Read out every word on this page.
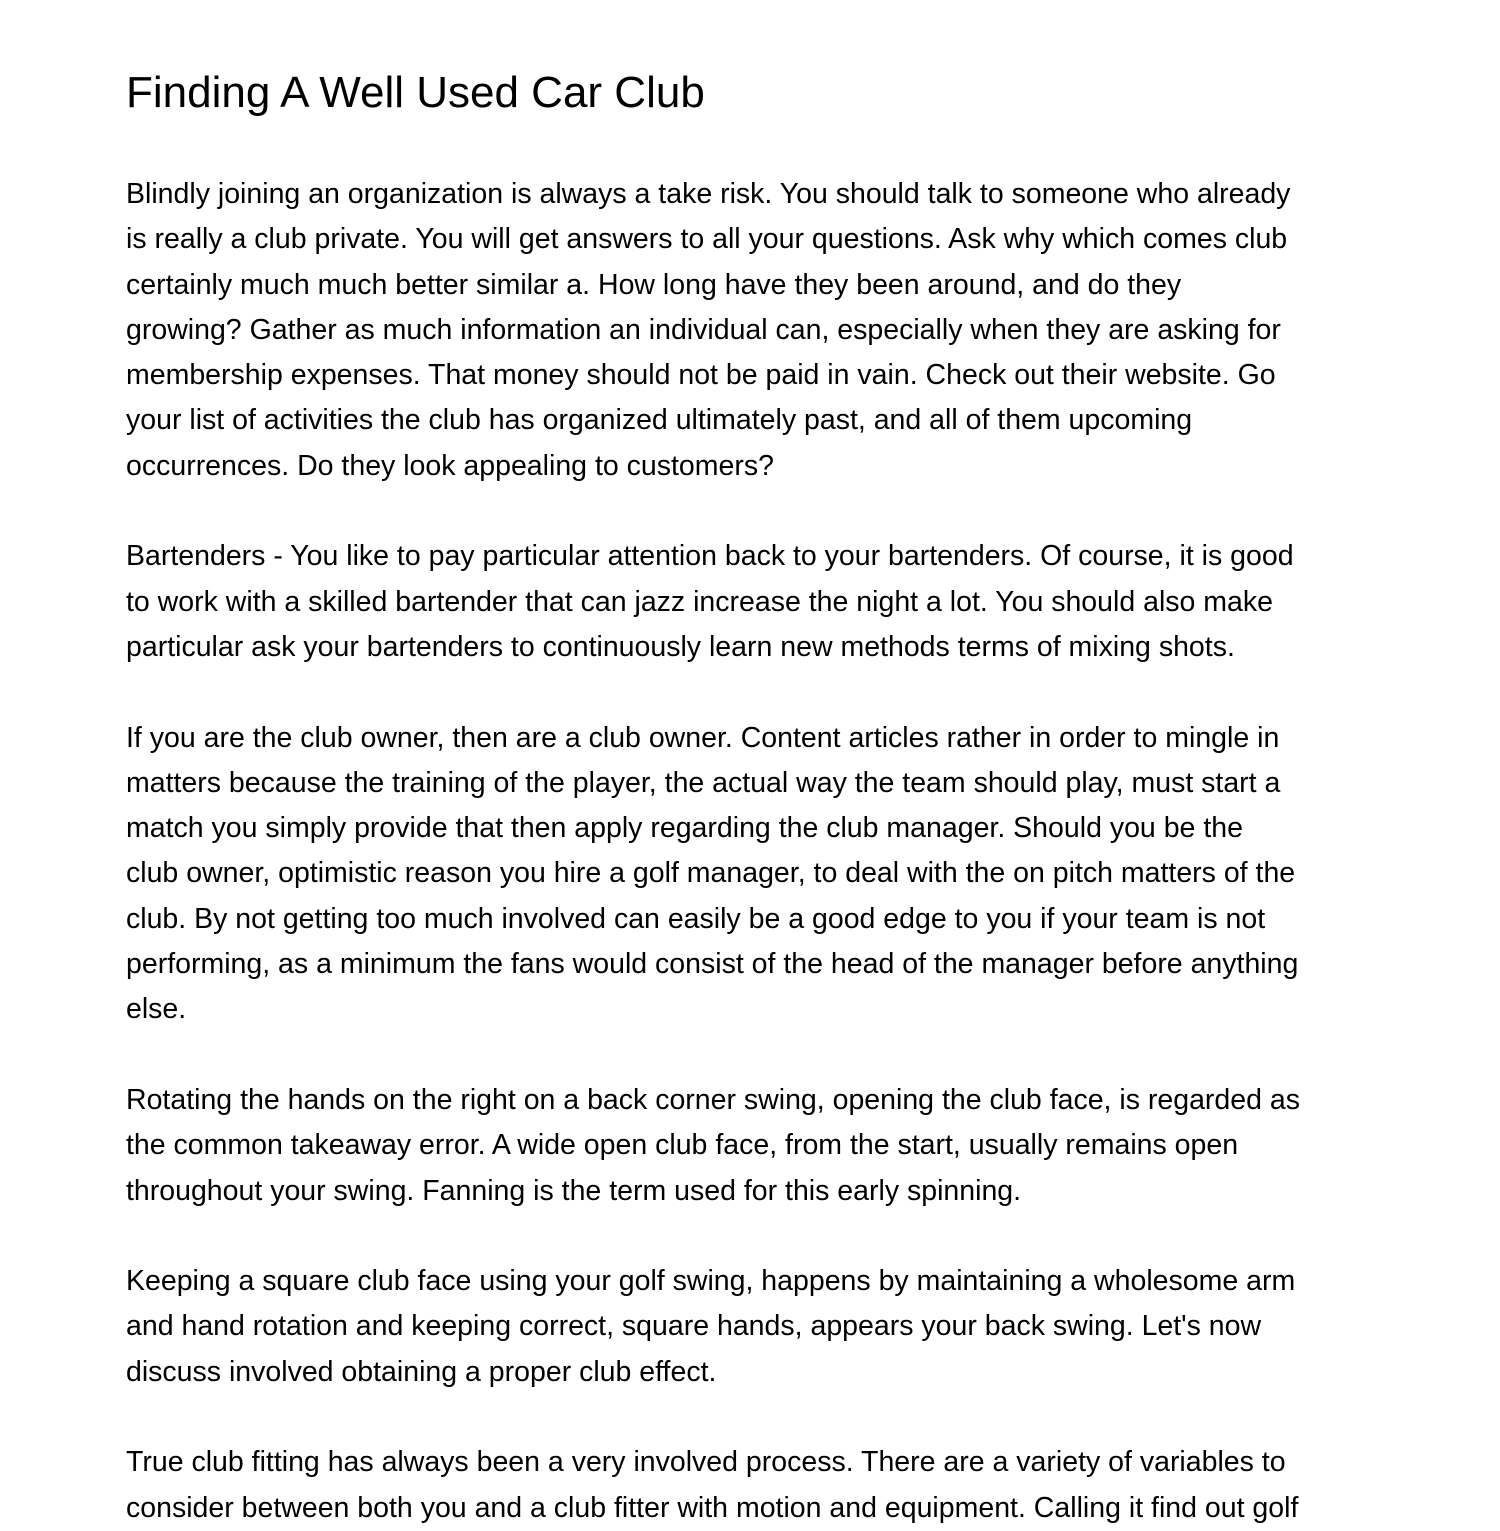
Finding A Well Used Car Club

Blindly joining an organization is always a take risk. You should talk to someone who already
is really a club private. You will get answers to all your questions. Ask why which comes club
certainly much much better similar a. How long have they been around, and do they
growing? Gather as much information an individual can, especially when they are asking for
membership expenses. That money should not be paid in vain. Check out their website. Go
your list of activities the club has organized ultimately past, and all of them upcoming
occurrences. Do they look appealing to customers?

Bartenders - You like to pay particular attention back to your bartenders. Of course, it is good
to work with a skilled bartender that can jazz increase the night a lot. You should also make
particular ask your bartenders to continuously learn new methods terms of mixing shots.

If you are the club owner, then are a club owner. Content articles rather in order to mingle in
matters because the training of the player, the actual way the team should play, must start a
match you simply provide that then apply regarding the club manager. Should you be the
club owner, optimistic reason you hire a golf manager, to deal with the on pitch matters of the
club. By not getting too much involved can easily be a good edge to you if your team is not
performing, as a minimum the fans would consist of the head of the manager before anything
else.

Rotating the hands on the right on a back corner swing, opening the club face, is regarded as
the common takeaway error. A wide open club face, from the start, usually remains open
throughout your swing. Fanning is the term used for this early spinning.

Keeping a square club face using your golf swing, happens by maintaining a wholesome arm
and hand rotation and keeping correct, square hands, appears your back swing. Let's now
discuss involved obtaining a proper club effect.

True club fitting has always been a very involved process. There are a variety of variables to
consider between both you and a club fitter with motion and equipment. Calling it find out golf
